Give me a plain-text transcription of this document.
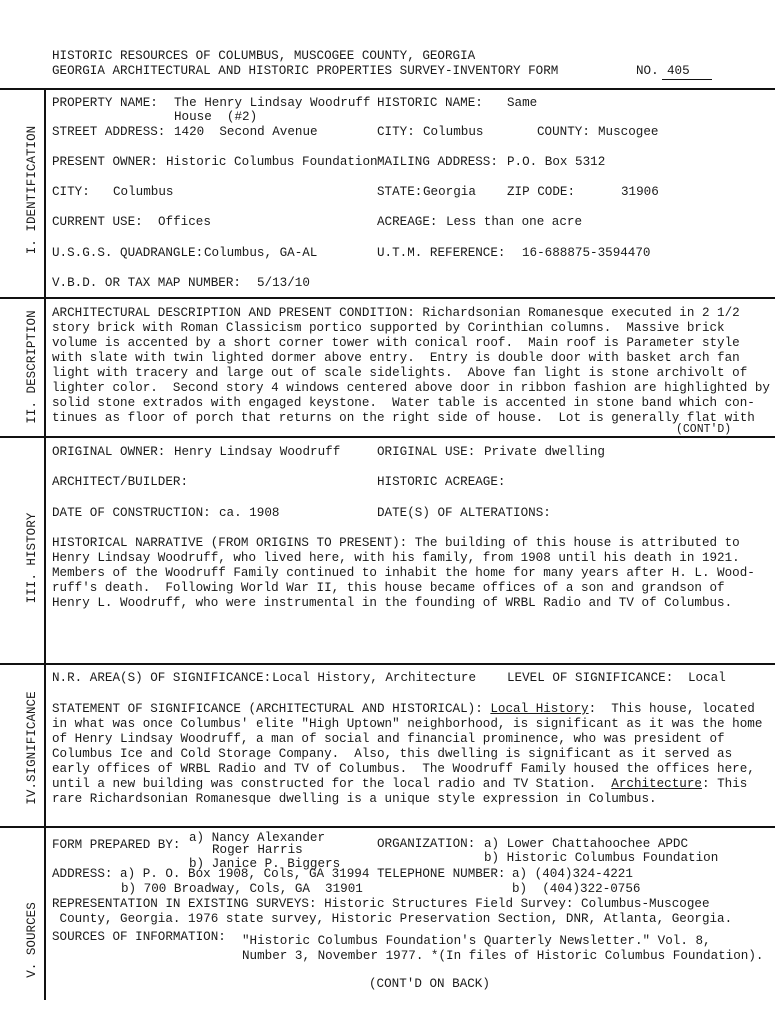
HISTORIC RESOURCES OF COLUMBUS, MUSCOGEE COUNTY, GEORGIA
GEORGIA ARCHITECTURAL AND HISTORIC PROPERTIES SURVEY-INVENTORY FORM	NO. 405
I. IDENTIFICATION
II. DESCRIPTION
III. HISTORY
IV.SIGNIFICANCE
V. SOURCES
PROPERTY NAME: The Henry Lindsay Woodruff
House  (#2)
HISTORIC NAME: Same
STREET ADDRESS: 1420  Second Avenue	CITY: Columbus	COUNTY: Muscogee
PRESENT OWNER: Historic Columbus Foundation MAILING ADDRESS: P.O. Box 5312
CITY: Columbus	STATE: Georgia ZIP CODE:	31906
CURRENT USE: Offices	ACREAGE: Less than one acre
U.S.G.S. QUADRANGLE: Columbus, GA-AL	U.T.M. REFERENCE: 16-688875-3594470
V.B.D. OR TAX MAP NUMBER: 5/13/10
ARCHITECTURAL DESCRIPTION AND PRESENT CONDITION: Richardsonian Romanesque executed in 2 1/2
story brick with Roman Classicism portico supported by Corinthian columns.  Massive brick
volume is accented by a short corner tower with conical roof.  Main roof is Parameter style
with slate with twin lighted dormer above entry.  Entry is double door with basket arch fan
light with tracery and large out of scale sidelights.  Above fan light is stone archivolt of
lighter color.  Second story 4 windows centered above door in ribbon fashion are highlighted by
solid stone extrados with engaged keystone.  Water table is accented in stone band which con-
tinues as floor of porch that returns on the right side of house.  Lot is generally flat with
(CONT'D)
ORIGINAL OWNER: Henry Lindsay Woodruff	ORIGINAL USE: Private dwelling
ARCHITECT/BUILDER:	HISTORIC ACREAGE:
DATE OF CONSTRUCTION: ca. 1908	DATE(S) OF ALTERATIONS:
HISTORICAL NARRATIVE (FROM ORIGINS TO PRESENT): The building of this house is attributed to
Henry Lindsay Woodruff, who lived here, with his family, from 1908 until his death in 1921.
Members of the Woodruff Family continued to inhabit the home for many years after H. L. Wood-
ruff's death.  Following World War II, this house became offices of a son and grandson of
Henry L. Woodruff, who were instrumental in the founding of WRBL Radio and TV of Columbus.
N.R. AREA(S) OF SIGNIFICANCE: Local History, Architecture LEVEL OF SIGNIFICANCE: Local
STATEMENT OF SIGNIFICANCE (ARCHITECTURAL AND HISTORICAL): Local History:  This house, located
in what was once Columbus' elite "High Uptown" neighborhood, is significant as it was the home
of Henry Lindsay Woodruff, a man of social and financial prominence, who was president of
Columbus Ice and Cold Storage Company.  Also, this dwelling is significant as it served as
early offices of WRBL Radio and TV of Columbus.  The Woodruff Family housed the offices here,
until a new building was constructed for the local radio and TV Station.  Architecture: This
rare Richardsonian Romanesque dwelling is a unique style expression in Columbus.
FORM PREPARED BY: a) Nancy Alexander
Roger Harris
b) Janice P. Biggers
ORGANIZATION: a) Lower Chattahoochee APDC
b) Historic Columbus Foundation
ADDRESS: a) P. O. Box 1908, Cols, GA 31994 TELEPHONE NUMBER: a) (404)324-4221
b) 700 Broadway, Cols, GA  31901	b)  (404)322-0756
REPRESENTATION IN EXISTING SURVEYS: Historic Structures Field Survey: Columbus-Muscogee
County, Georgia. 1976 state survey, Historic Preservation Section, DNR, Atlanta, Georgia.
SOURCES OF INFORMATION: "Historic Columbus Foundation's Quarterly Newsletter." Vol. 8,
Number 3, November 1977. *(In files of Historic Columbus Foundation).
(CONT'D ON BACK)
